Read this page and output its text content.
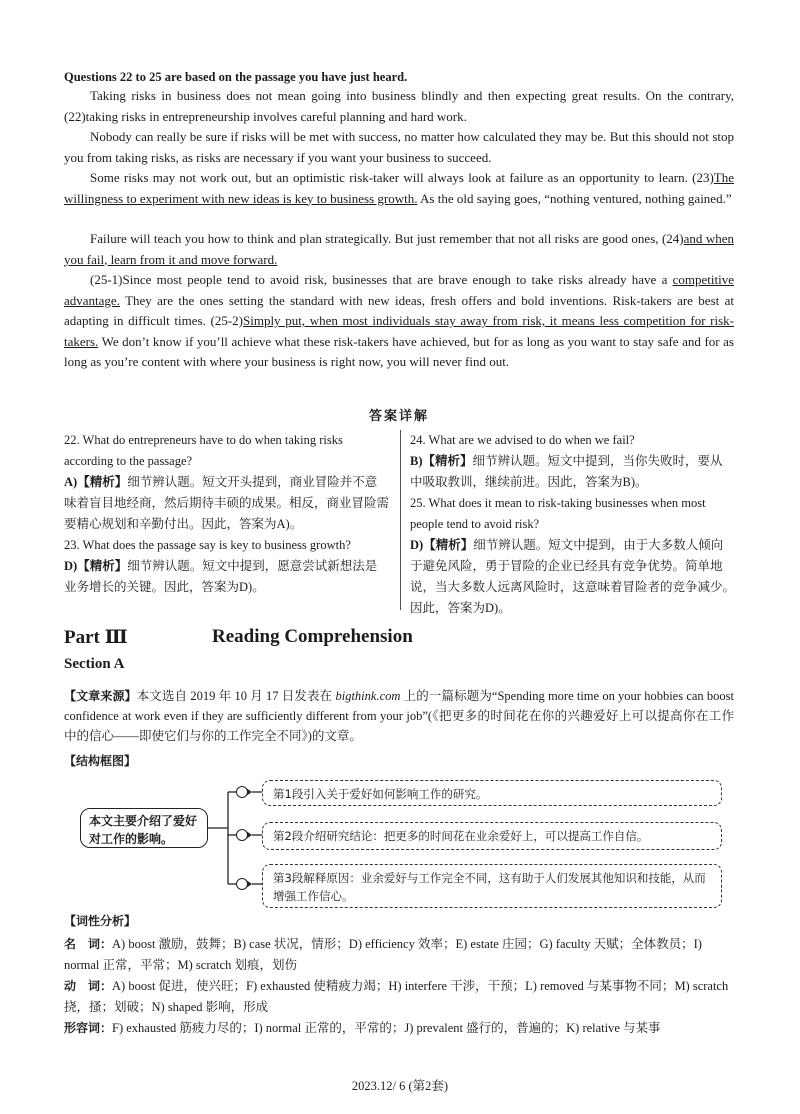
Questions 22 to 25 are based on the passage you have just heard.

Taking risks in business does not mean going into business blindly and then expecting great results. On the contrary, (22)taking risks in entrepreneurship involves careful planning and hard work.

Nobody can really be sure if risks will be met with success, no matter how calculated they may be. But this should not stop you from taking risks, as risks are necessary if you want your business to succeed.

Some risks may not work out, but an optimistic risk-taker will always look at failure as an opportunity to learn. (23)The willingness to experiment with new ideas is key to business growth. As the old saying goes, “nothing ventured, nothing gained.”

Failure will teach you how to think and plan strategically. But just remember that not all risks are good ones, (24)and when you fail, learn from it and move forward.

(25-1)Since most people tend to avoid risk, businesses that are brave enough to take risks already have a competitive advantage. They are the ones setting the standard with new ideas, fresh offers and bold inventions. Risk-takers are best at adapting in difficult times. (25-2)Simply put, when most individuals stay away from risk, it means less competition for risk-takers. We don’t know if you’ll achieve what these risk-takers have achieved, but for as long as you want to stay safe and for as long as you’re content with where your business is right now, you will never find out.

答案详解

22. What do entrepreneurs have to do when taking risks according to the passage?

A)【精析】细节辨认题。短文开头提到，商业冒险并不意味着盲目地经商，然后期待丰硕的成果。相反，商业冒险需要精心规划和辛勤付出。因此，答案为A)。

23. What does the passage say is key to business growth?

D)【精析】细节辨认题。短文中提到，愿意尝试新想法是业务增长的关键。因此，答案为D)。

24. What are we advised to do when we fail?

B)【精析】细节辨认题。短文中提到，当你失败时，要从中吸取教训，继续前进。因此，答案为B)。

25. What does it mean to risk-taking businesses when most people tend to avoid risk?

D)【精析】细节辨认题。短文中提到，由于大多数人倾向于避免风险，勇于冒险的企业已经具有竞争优势。简单地说，当大多数人远离风险时，这意味着冒险者的竞争减少。因此，答案为D)。

Part Ⅲ	Reading Comprehension
Section A
【文章来源】本文选自 2019 年 10 月 17 日发表在 bigthink.com 上的一篇标题为“Spending more time on your hobbies can boost confidence at work even if they are sufficiently different from your job”(《把更多的时间花在你的兴趣爱好上可以提高你在工作中的信心——即使它们与你的工作完全不同》)的文章。
【结构框图】
本文主要介绍了爱好对工作的影响。
第1段引入关于爱好如何影响工作的研究。
第2段介绍研究结论：把更多的时间花在业余爱好上，可以提高工作自信。
第3段解释原因：业余爱好与工作完全不同，这有助于人们发展其他知识和技能，从而增强工作信心。
【词性分析】
名　词：A) boost 激励，鼓舞；B) case 状况，情形；D) efficiency 效率；E) estate 庄园；G) faculty 天赋；全体教员；I) normal 正常，平常；M) scratch 划痕，划伤
动　词：A) boost 促进，使兴旺；F) exhausted 使精疲力竭；H) interfere 干涉，干预；L) removed 与某事物不同；M) scratch 挠，搔；划破；N) shaped 影响，形成
形容词：F) exhausted 筋疲力尽的；I) normal 正常的，平常的；J) prevalent 盛行的，普遍的；K) relative 与某事
2023.12/ 6 (第2套)
